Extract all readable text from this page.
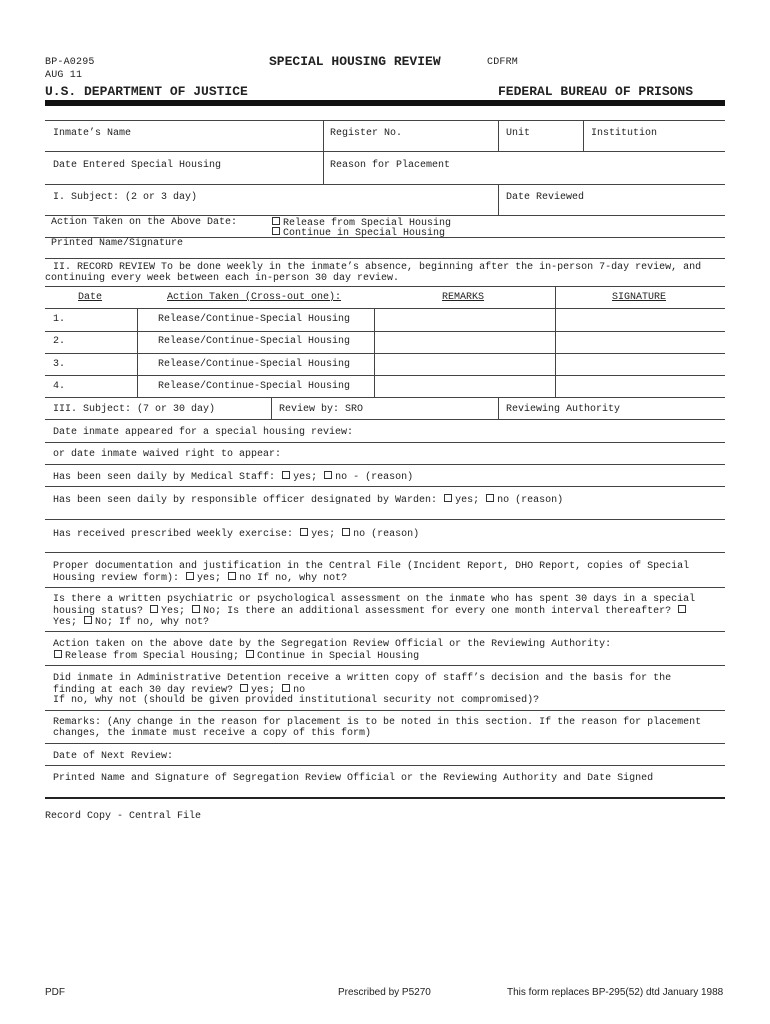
BP-A0295	SPECIAL HOUSING REVIEW	CDFRM
AUG 11
U.S. DEPARTMENT OF JUSTICE	FEDERAL BUREAU OF PRISONS
Inmate’s Name	Register No.	Unit	Institution
Date Entered Special Housing	Reason for Placement
I. Subject: (2 or 3 day)	Date Reviewed
Action Taken on the Above Date:	Release from Special Housing
Continue in Special Housing
Printed Name/Signature
II. RECORD REVIEW To be done weekly in the inmate’s absence, beginning after the in-person 7-day review, and
continuing every week between each in-person 30 day review.
Date	Action Taken (Cross-out one):	REMARKS	SIGNATURE
1.	Release/Continue-Special Housing
2.	Release/Continue-Special Housing
3.	Release/Continue-Special Housing
4.	Release/Continue-Special Housing
III. Subject: (7 or 30 day)	Review by: SRO	Reviewing Authority
Date inmate appeared for a special housing review:
or date inmate waived right to appear:
Has been seen daily by Medical Staff: yes; no - (reason)
Has been seen daily by responsible officer designated by Warden: yes; no (reason)
Has received prescribed weekly exercise: yes; no (reason)
Proper documentation and justification in the Central File (Incident Report, DHO Report, copies of Special
Housing review form): yes; no If no, why not?
Is there a written psychiatric or psychological assessment on the inmate who has spent 30 days in a special
housing status? Yes; No; Is there an additional assessment for every one month interval thereafter?
Yes; No; If no, why not?
Action taken on the above date by the Segregation Review Official or the Reviewing Authority:
Release from Special Housing; Continue in Special Housing
Did inmate in Administrative Detention receive a written copy of staff’s decision and the basis for the
finding at each 30 day review? yes; no
If no, why not (should be given provided institutional security not compromised)?
Remarks: (Any change in the reason for placement is to be noted in this section. If the reason for placement
changes, the inmate must receive a copy of this form)
Date of Next Review:
Printed Name and Signature of Segregation Review Official or the Reviewing Authority and Date Signed
Record Copy - Central File
PDF	Prescribed by P5270	This form replaces BP-295(52) dtd January 1988
